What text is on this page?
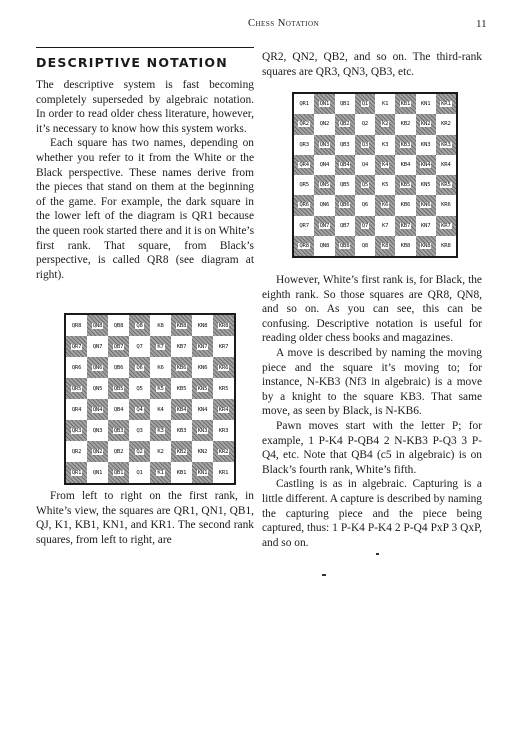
Chess Notation	11
DESCRIPTIVE NOTATION

The descriptive system is fast becoming completely superseded by algebraic notation. In order to read older chess literature, however, it’s necessary to know how this system works.

Each square has two names, depending on whether you refer to it from the White or the Black perspective. These names derive from the pieces that stand on them at the beginning of the game. For example, the dark square in the lower left of the diagram is QR1 because the queen rook started there and it is on White’s first rank. That square, from Black’s perspective, is called QR8 (see diagram at right).

QR8 QN8 QB8 Q8	K8 KB8 KN8 KR8
QR7 QN7 QB7 Q7	K7 KB7 KN7 KR7
QR6 QN6 QB6 Q6	K6 KB6 KN6 KR6
QR5 QN5 QB5 Q5	K5 KB5 KN5 KR5
QR4 QN4 QB4 Q4	K4 KB4 KN4 KR4
QR3 QN3 QB3 Q3	K3 KB3 KN3 KR3
QR2 QN2 QB2 Q2	K2 KB2 KN2 KR2
QR1 QN1 QB1 Q1	K1 KB1 KN1 KR1

From left to right on the first rank, in White’s view, the squares are QR1, QN1, QB1, QJ, K1, KB1, KN1, and KR1. The second rank squares, from left to right, are

QR2, QN2, QB2, and so on. The third-rank squares are QR3, QN3, QB3, etc.

QR1 QN1 QB1 Q1 K1 KB1 KN1 KR1
QR2 QN2 QB2 Q2 K2 KB2 KN2 KR2
QR3 QN3 QB3 Q3 K3 KB3 KN3 KR3
QR4 QN4 QB4 Q4 K4 KB4 KN4 KR4
QR5 QN5 QB5 Q5 K5 KB5 KN5 KR5
QR6 QN6 QB6 Q6 K6 KB6 KN6 KR6
QR7 QN7 QB7 Q7 K7 KB7 KN7 KR7
QR8 QN8 QB8 Q8 K8 KB8 KN8 KR8

However, White’s first rank is, for Black, the eighth rank. So those squares are QR8, QN8, and so on. As you can see, this can be confusing. Descriptive notation is useful for reading older chess books and magazines.

A move is described by naming the moving piece and the square it’s moving to; for instance, N-KB3 (Nf3 in algebraic) is a move by a knight to the square KB3. That same move, as seen by Black, is N-KB6.

Pawn moves start with the letter P; for example, 1 P-K4 P-QB4 2 N-KB3 P-Q3 3 P-Q4, etc. Note that QB4 (c5 in algebraic) is on Black’s fourth rank, White’s fifth.

Castling is as in algebraic. Capturing is a little different. A capture is described by naming the capturing piece and the piece being captured, thus: 1 P-K4 P-K4 2 P-Q4 PxP 3 QxP, and so on.
